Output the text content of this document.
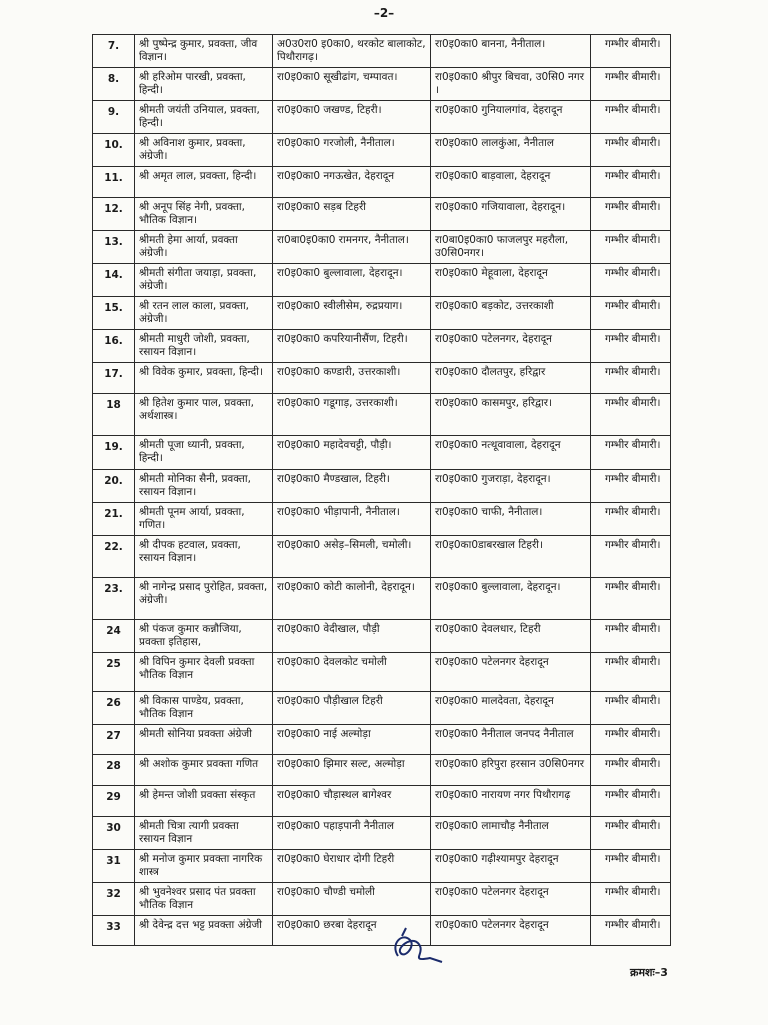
–2–
7.	श्री पुष्पेन्द्र कुमार, प्रवक्ता, जीव विज्ञान।	अ0उ0रा0 इ0का0, थरकोट बालाकोट, पिथौरागढ़।	रा0इ0का0 बानना, नैनीताल।	गम्भीर बीमारी।
8.	श्री हरिओम पारखी, प्रवक्ता, हिन्दी।	रा0इ0का0 सूखीढांग, चम्पावत।	रा0इ0का0 श्रीपुर बिचवा, उ0सि0 नगर ।	गम्भीर बीमारी।
9.	श्रीमती जयंती उनियाल, प्रवक्ता, हिन्दी।	रा0इ0का0 जखण्ड, टिहरी।	रा0इ0का0 गुनियालगांव, देहरादून	गम्भीर बीमारी।
10.	श्री अविनाश कुमार, प्रवक्ता, अंग्रेजी।	रा0इ0का0 गरजोली, नैनीताल।	रा0इ0का0 लालकुंआ, नैनीताल	गम्भीर बीमारी।
11.	श्री अमृत लाल, प्रवक्ता, हिन्दी।	रा0इ0का0 नगऊखेत, देहरादून	रा0इ0का0 बाड़वाला, देहरादून	गम्भीर बीमारी।
12.	श्री अनूप सिंह नेगी, प्रवक्ता, भौतिक विज्ञान।	रा0इ0का0 सड़ब टिहरी	रा0इ0का0 गजियावाला, देहरादून।	गम्भीर बीमारी।
13.	श्रीमती हेमा आर्या, प्रवक्ता अंग्रेजी।	रा0बा0इ0का0 रामनगर, नैनीताल।	रा0बा0इ0का0 फाजलपुर महरौला, उ0सि0नगर।	गम्भीर बीमारी।
14.	श्रीमती संगीता जयाड़ा, प्रवक्ता, अंग्रेजी।	रा0इ0का0 बुल्लावाला, देहरादून।	रा0इ0का0 मेहूवाला, देहरादून	गम्भीर बीमारी।
15.	श्री रतन लाल काला, प्रवक्ता, अंग्रेजी।	रा0इ0का0 स्वीलीसेम, रुद्रप्रयाग।	रा0इ0का0 बड़कोट, उत्तरकाशी	गम्भीर बीमारी।
16.	श्रीमती माधुरी जोशी, प्रवक्ता, रसायन विज्ञान।	रा0इ0का0 कपरियानीसैंण, टिहरी।	रा0इ0का0 पटेलनगर, देहरादून	गम्भीर बीमारी।
17.	श्री विवेक कुमार, प्रवक्ता, हिन्दी।	रा0इ0का0 कण्डारी, उत्तरकाशी।	रा0इ0का0 दौलतपुर, हरिद्वार	गम्भीर बीमारी।
18	श्री हितेश कुमार पाल, प्रवक्ता, अर्थशास्त्र।	रा0इ0का0 गडूगाड़, उत्तरकाशी।	रा0इ0का0 कासमपुर, हरिद्वार।	गम्भीर बीमारी।
19.	श्रीमती पूजा ध्यानी, प्रवक्ता, हिन्दी।	रा0इ0का0 महादेवचट्टी, पौड़ी।	रा0इ0का0 नत्थूवावाला, देहरादून	गम्भीर बीमारी।
20.	श्रीमती मोनिका सैनी, प्रवक्ता, रसायन विज्ञान।	रा0इ0का0 मैण्डखाल, टिहरी।	रा0इ0का0 गुजराड़ा, देहरादून।	गम्भीर बीमारी।
21.	श्रीमती पूनम आर्या, प्रवक्ता, गणित।	रा0इ0का0 भीड़ापानी, नैनीताल।	रा0इ0का0 चाफी, नैनीताल।	गम्भीर बीमारी।
22.	श्री दीपक हटवाल, प्रवक्ता, रसायन विज्ञान।	रा0इ0का0 असेड़–सिमली, चमोली।	रा0इ0का0डाबरखाल टिहरी।	गम्भीर बीमारी।
23.	श्री नागेन्द्र प्रसाद पुरोहित, प्रवक्ता, अंग्रेजी।	रा0इ0का0 कोटी कालोनी, देहरादून।	रा0इ0का0 बुल्लावाला, देहरादून।	गम्भीर बीमारी।
24	श्री पंकज कुमार कन्नौजिया, प्रवक्ता इतिहास,	रा0इ0का0 वेदीखाल, पौड़ी	रा0इ0का0 देवलधार, टिहरी	गम्भीर बीमारी।
25	श्री विपिन कुमार देवली प्रवक्ता भौतिक विज्ञान	रा0इ0का0 देवलकोट चमोली	रा0इ0का0 पटेलनगर देहरादून	गम्भीर बीमारी।
26	श्री विकास पाण्डेय, प्रवक्ता, भौतिक विज्ञान	रा0इ0का0 पौड़ीखाल टिहरी	रा0इ0का0 मालदेवता, देहरादून	गम्भीर बीमारी।
27	श्रीमती सोनिया प्रवक्ता अंग्रेजी	रा0इ0का0 नाई अल्मोड़ा	रा0इ0का0 नैनीताल जनपद नैनीताल	गम्भीर बीमारी।
28	श्री अशोक कुमार प्रवक्ता गणित	रा0इ0का0 झिमार सल्ट, अल्मोड़ा	रा0इ0का0 हरिपुरा हरसान उ0सि0नगर	गम्भीर बीमारी।
29	श्री हेमन्त जोशी प्रवक्ता संस्कृत	रा0इ0का0 चौड़ास्थल बागेश्वर	रा0इ0का0 नारायण नगर पिथौरागढ़	गम्भीर बीमारी।
30	श्रीमती चित्रा त्यागी प्रवक्ता रसायन विज्ञान	रा0इ0का0 पहाड़पानी नैनीताल	रा0इ0का0 लामाचौड़ नैनीताल	गम्भीर बीमारी।
31	श्री मनोज कुमार प्रवक्ता नागरिक शास्त्र	रा0इ0का0 घेराधार दोगी टिहरी	रा0इ0का0 गढ़ीश्यामपुर देहरादून	गम्भीर बीमारी।
32	श्री भुवनेश्वर प्रसाद पंत प्रवक्ता भौतिक विज्ञान	रा0इ0का0 चौण्डी चमोली	रा0इ0का0 पटेलनगर देहरादून	गम्भीर बीमारी।
33	श्री देवेन्द्र दत्त भट्ट प्रवक्ता अंग्रेजी	रा0इ0का0 छरबा देहरादून	रा0इ0का0 पटेलनगर देहरादून	गम्भीर बीमारी।
क्रमशः–3
